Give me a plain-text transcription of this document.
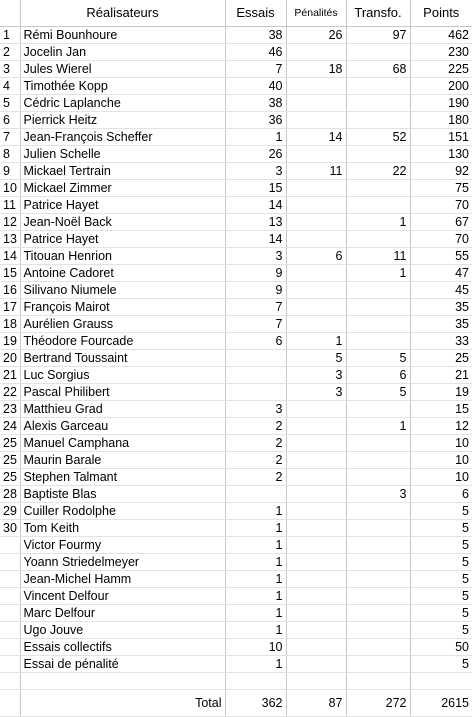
	Réalisateurs	Essais	Pénalités	Transfo.	Points
1	Rémi Bounhoure	38	26	97	462
2	Jocelin Jan	46			230
3	Jules Wierel	7	18	68	225
4	Timothée Kopp	40			200
5	Cédric Laplanche	38			190
6	Pierrick Heitz	36			180
7	Jean-François Scheffer	1	14	52	151
8	Julien Schelle	26			130
9	Mickael Tertrain	3	11	22	92
10	Mickael Zimmer	15			75
11	Patrice Hayet	14			70
12	Jean-Noël Back	13		1	67
13	Patrice Hayet	14			70
14	Titouan Henrion	3	6	11	55
15	Antoine Cadoret	9		1	47
16	Silivano Niumele	9			45
17	François Mairot	7			35
18	Aurélien Grauss	7			35
19	Théodore Fourcade	6	1		33
20	Bertrand Toussaint		5	5	25
21	Luc Sorgius		3	6	21
22	Pascal Philibert		3	5	19
23	Matthieu Grad	3			15
24	Alexis Garceau	2		1	12
25	Manuel Camphana	2			10
25	Maurin Barale	2			10
25	Stephen Talmant	2			10
28	Baptiste Blas			3	6
29	Cuiller Rodolphe	1			5
30	Tom Keith	1			5
	Victor Fourmy	1			5
	Yoann Striedelmeyer	1			5
	Jean-Michel Hamm	1			5
	Vincent Delfour	1			5
	Marc Delfour	1			5
	Ugo Jouve	1			5
	Essais collectifs	10			50
	Essai de pénalité	1			5

	Total	362	87	272	2615
